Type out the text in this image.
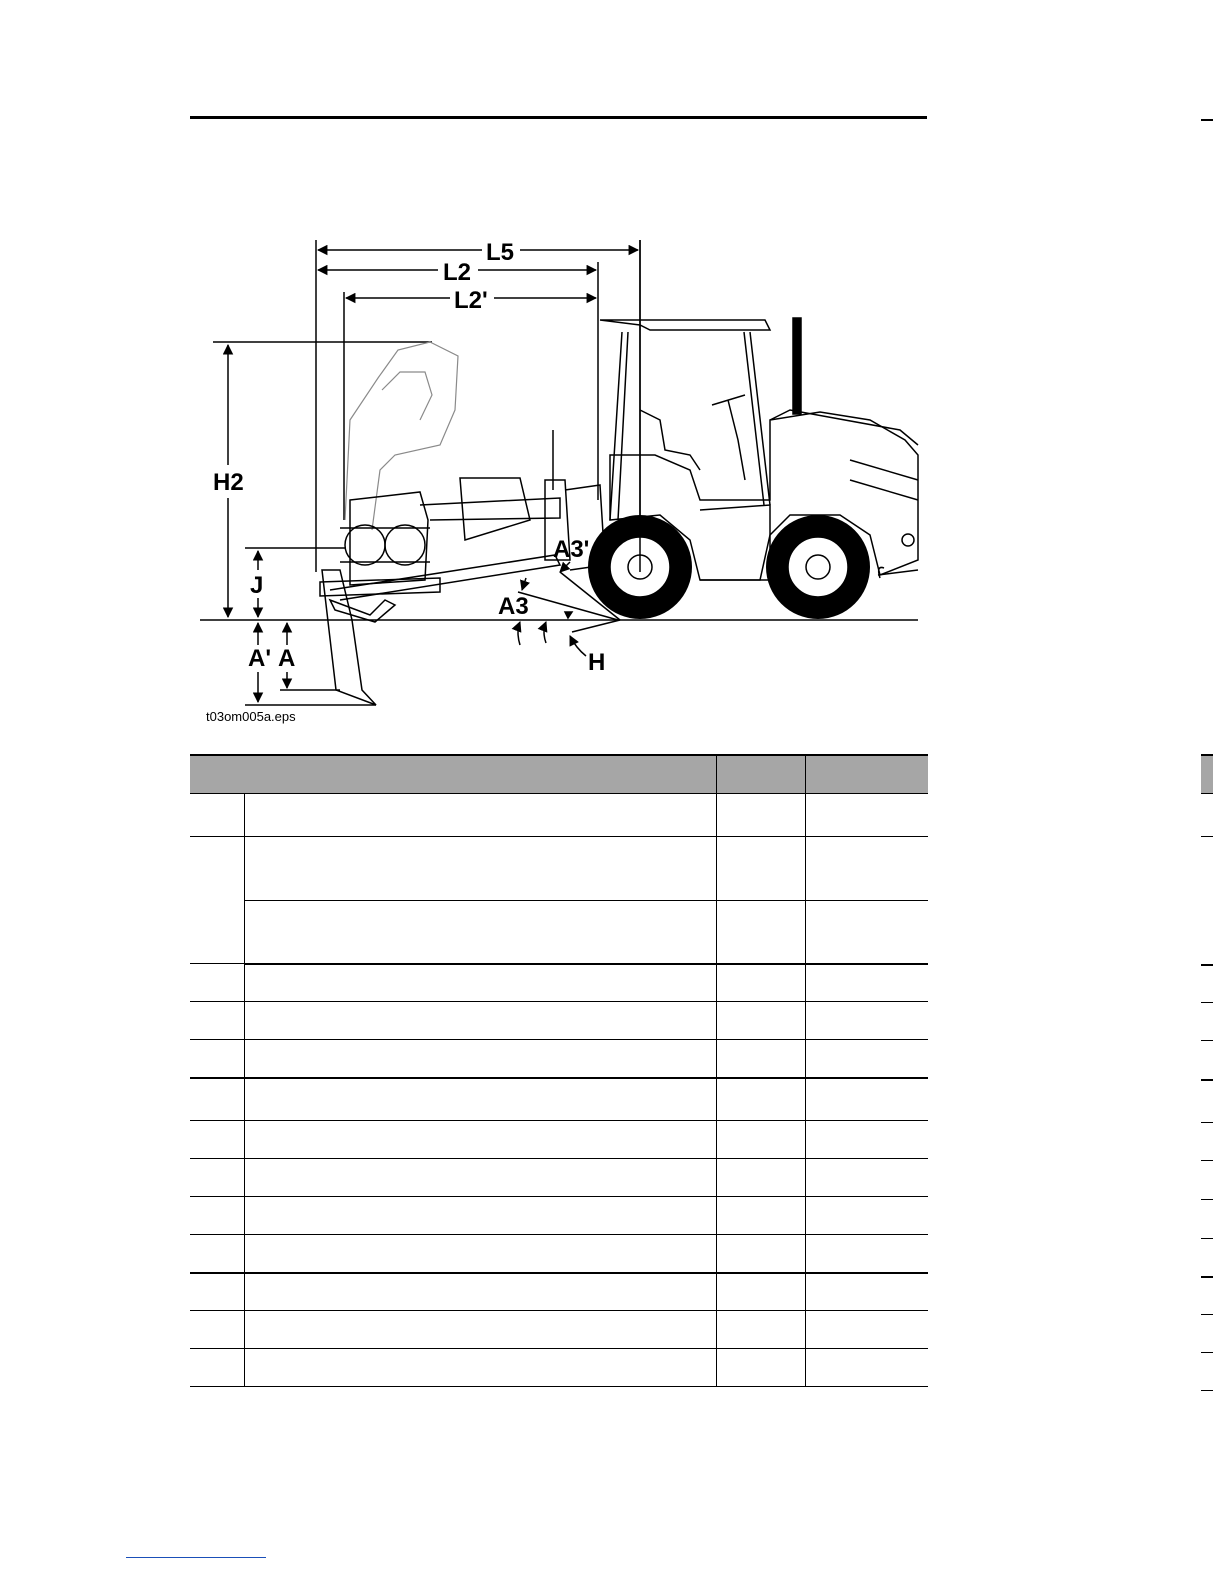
L5
L2
L2'
H2
J
A3'
A3
H
A' A
t03om005a.eps
